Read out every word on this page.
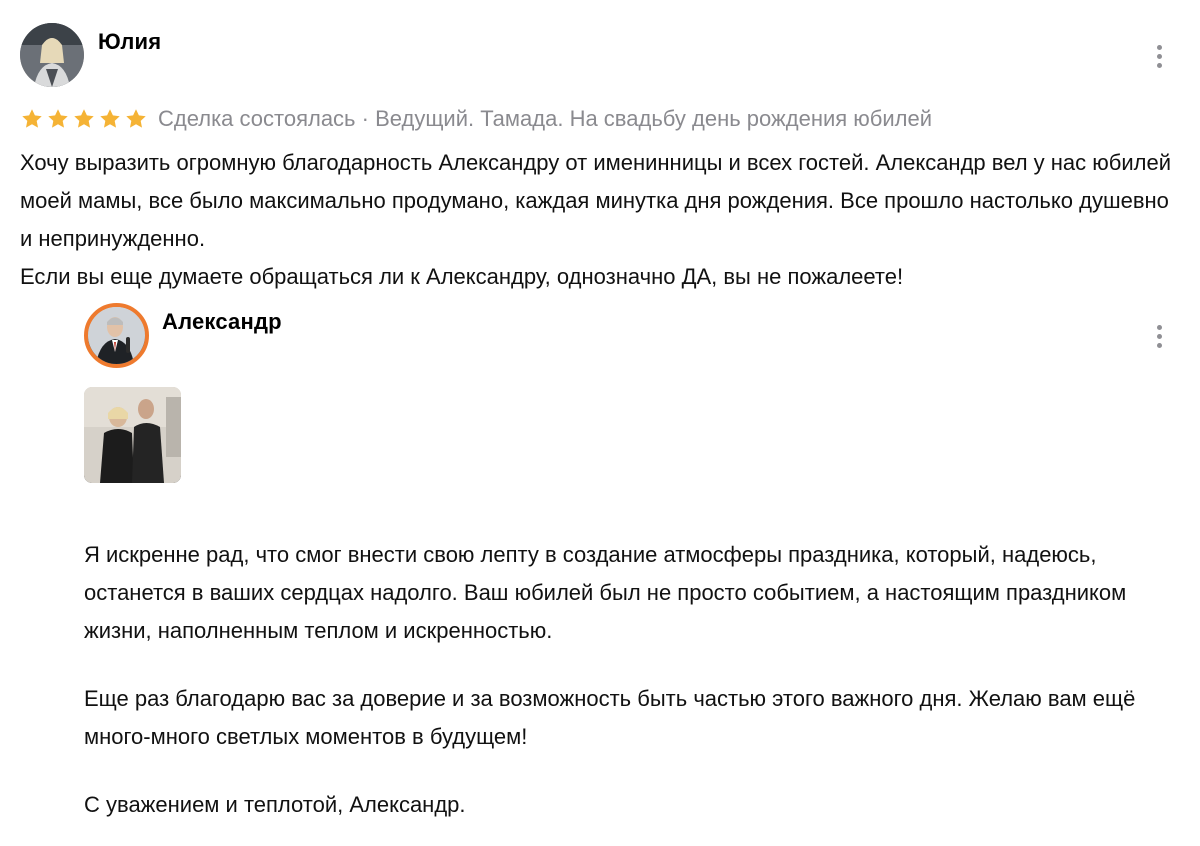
Юлия
Сделка состоялась · Ведущий. Тамада. На свадьбу день рождения юбилей

Хочу выразить огромную благодарность Александру от именинницы и всех гостей. Александр вел у нас юбилей моей мамы, все было максимально продумано, каждая минутка дня рождения. Все прошло настолько душевно и непринужденно.

Если вы еще думаете обращаться ли к Александру, однозначно ДА, вы не пожалеете!

Александр

Я искренне рад, что смог внести свою лепту в создание атмосферы праздника, который, надеюсь, останется в ваших сердцах надолго. Ваш юбилей был не просто событием, а настоящим праздником жизни, наполненным теплом и искренностью.

Еще раз благодарю вас за доверие и за возможность быть частью этого важного дня. Желаю вам ещё много-много светлых моментов в будущем!

С уважением и теплотой, Александр.
